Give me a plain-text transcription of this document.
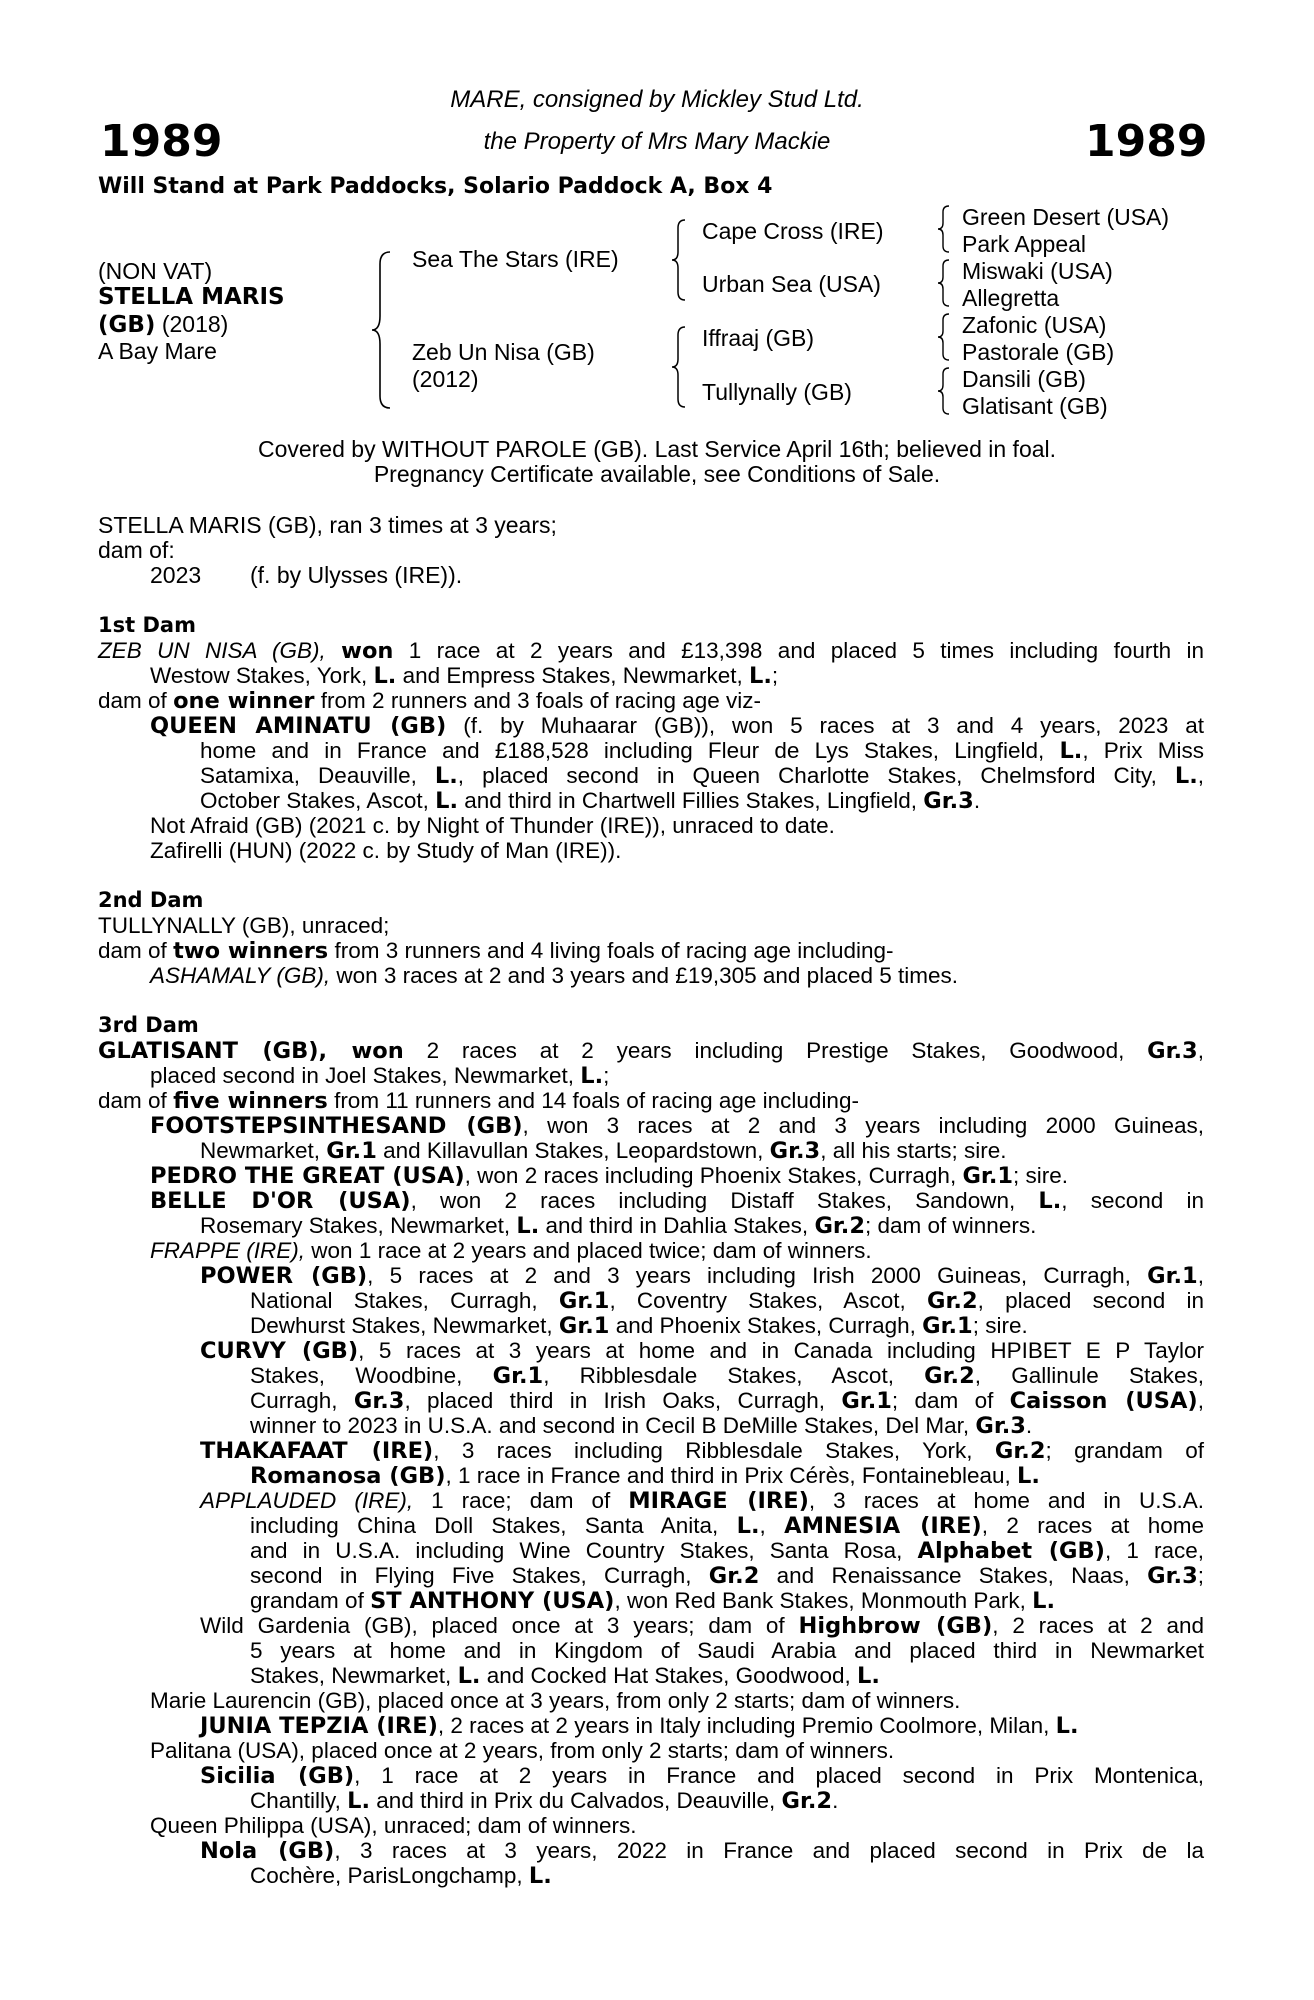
1989	1989
MARE, consigned by Mickley Stud Ltd.
the Property of Mrs Mary Mackie
Will Stand at Park Paddocks, Solario Paddock A, Box 4
(NON VAT)
STELLA MARIS
(GB) (2018)
A Bay Mare
Sea The Stars (IRE)
Zeb Un Nisa (GB)
(2012)
Cape Cross (IRE)
Urban Sea (USA)
Iffraaj (GB)
Tullynally (GB)
Green Desert (USA)
Park Appeal
Miswaki (USA)
Allegretta
Zafonic (USA)
Pastorale (GB)
Dansili (GB)
Glatisant (GB)
Covered by WITHOUT PAROLE (GB). Last Service April 16th; believed in foal.
Pregnancy Certificate available, see Conditions of Sale.
STELLA MARIS (GB), ran 3 times at 3 years;
dam of:
2023 (f. by Ulysses (IRE)).
1st Dam
ZEB UN NISA (GB), won 1 race at 2 years and £13,398 and placed 5 times including fourth in
Westow Stakes, York, L. and Empress Stakes, Newmarket, L.;
dam of one winner from 2 runners and 3 foals of racing age viz-
QUEEN AMINATU (GB) (f. by Muhaarar (GB)), won 5 races at 3 and 4 years, 2023 at
home and in France and £188,528 including Fleur de Lys Stakes, Lingfield, L., Prix Miss
Satamixa, Deauville, L., placed second in Queen Charlotte Stakes, Chelmsford City, L.,
October Stakes, Ascot, L. and third in Chartwell Fillies Stakes, Lingfield, Gr.3.
Not Afraid (GB) (2021 c. by Night of Thunder (IRE)), unraced to date.
Zafirelli (HUN) (2022 c. by Study of Man (IRE)).
2nd Dam
TULLYNALLY (GB), unraced;
dam of two winners from 3 runners and 4 living foals of racing age including-
ASHAMALY (GB), won 3 races at 2 and 3 years and £19,305 and placed 5 times.
3rd Dam
GLATISANT (GB), won 2 races at 2 years including Prestige Stakes, Goodwood, Gr.3,
placed second in Joel Stakes, Newmarket, L.;
dam of five winners from 11 runners and 14 foals of racing age including-
FOOTSTEPSINTHESAND (GB), won 3 races at 2 and 3 years including 2000 Guineas,
Newmarket, Gr.1 and Killavullan Stakes, Leopardstown, Gr.3, all his starts; sire.
PEDRO THE GREAT (USA), won 2 races including Phoenix Stakes, Curragh, Gr.1; sire.
BELLE D'OR (USA), won 2 races including Distaff Stakes, Sandown, L., second in
Rosemary Stakes, Newmarket, L. and third in Dahlia Stakes, Gr.2; dam of winners.
FRAPPE (IRE), won 1 race at 2 years and placed twice; dam of winners.
POWER (GB), 5 races at 2 and 3 years including Irish 2000 Guineas, Curragh, Gr.1,
National Stakes, Curragh, Gr.1, Coventry Stakes, Ascot, Gr.2, placed second in
Dewhurst Stakes, Newmarket, Gr.1 and Phoenix Stakes, Curragh, Gr.1; sire.
CURVY (GB), 5 races at 3 years at home and in Canada including HPIBET E P Taylor
Stakes, Woodbine, Gr.1, Ribblesdale Stakes, Ascot, Gr.2, Gallinule Stakes,
Curragh, Gr.3, placed third in Irish Oaks, Curragh, Gr.1; dam of Caisson (USA),
winner to 2023 in U.S.A. and second in Cecil B DeMille Stakes, Del Mar, Gr.3.
THAKAFAAT (IRE), 3 races including Ribblesdale Stakes, York, Gr.2; grandam of
Romanosa (GB), 1 race in France and third in Prix Cérès, Fontainebleau, L.
APPLAUDED (IRE), 1 race; dam of MIRAGE (IRE), 3 races at home and in U.S.A.
including China Doll Stakes, Santa Anita, L., AMNESIA (IRE), 2 races at home
and in U.S.A. including Wine Country Stakes, Santa Rosa, Alphabet (GB), 1 race,
second in Flying Five Stakes, Curragh, Gr.2 and Renaissance Stakes, Naas, Gr.3;
grandam of ST ANTHONY (USA), won Red Bank Stakes, Monmouth Park, L.
Wild Gardenia (GB), placed once at 3 years; dam of Highbrow (GB), 2 races at 2 and
5 years at home and in Kingdom of Saudi Arabia and placed third in Newmarket
Stakes, Newmarket, L. and Cocked Hat Stakes, Goodwood, L.
Marie Laurencin (GB), placed once at 3 years, from only 2 starts; dam of winners.
JUNIA TEPZIA (IRE), 2 races at 2 years in Italy including Premio Coolmore, Milan, L.
Palitana (USA), placed once at 2 years, from only 2 starts; dam of winners.
Sicilia (GB), 1 race at 2 years in France and placed second in Prix Montenica,
Chantilly, L. and third in Prix du Calvados, Deauville, Gr.2.
Queen Philippa (USA), unraced; dam of winners.
Nola (GB), 3 races at 3 years, 2022 in France and placed second in Prix de la
Cochère, ParisLongchamp, L.
